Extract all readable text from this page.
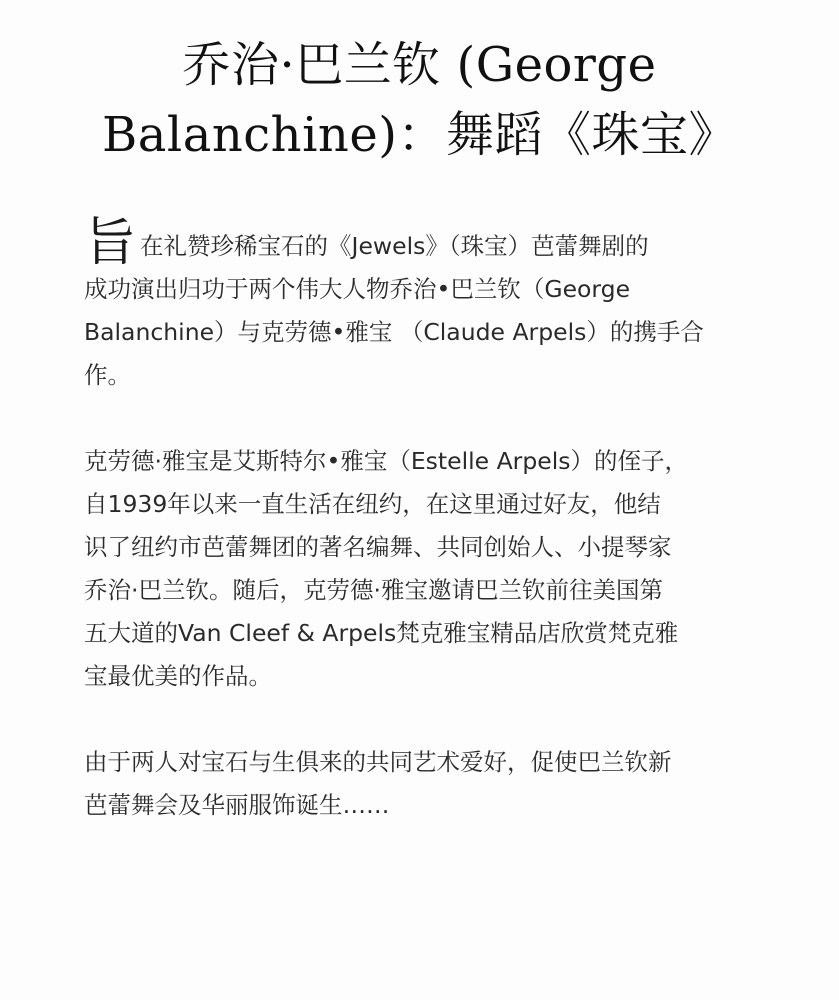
乔治·巴兰钦 (George
Balanchine)：舞蹈《珠宝》
旨在礼赞珍稀宝石的《Jewels》（珠宝）芭蕾舞剧的
成功演出归功于两个伟大人物乔治•巴兰钦（George
Balanchine）与克劳德•雅宝 （Claude Arpels）的携手合
作。
克劳德·雅宝是艾斯特尔•雅宝（Estelle Arpels）的侄子，
自1939年以来一直生活在纽约，在这里通过好友，他结
识了纽约市芭蕾舞团的著名编舞、共同创始人、小提琴家
乔治·巴兰钦。随后，克劳德·雅宝邀请巴兰钦前往美国第
五大道的Van Cleef & Arpels梵克雅宝精品店欣赏梵克雅
宝最优美的作品。
由于两人对宝石与生俱来的共同艺术爱好，促使巴兰钦新
芭蕾舞会及华丽服饰诞生……
